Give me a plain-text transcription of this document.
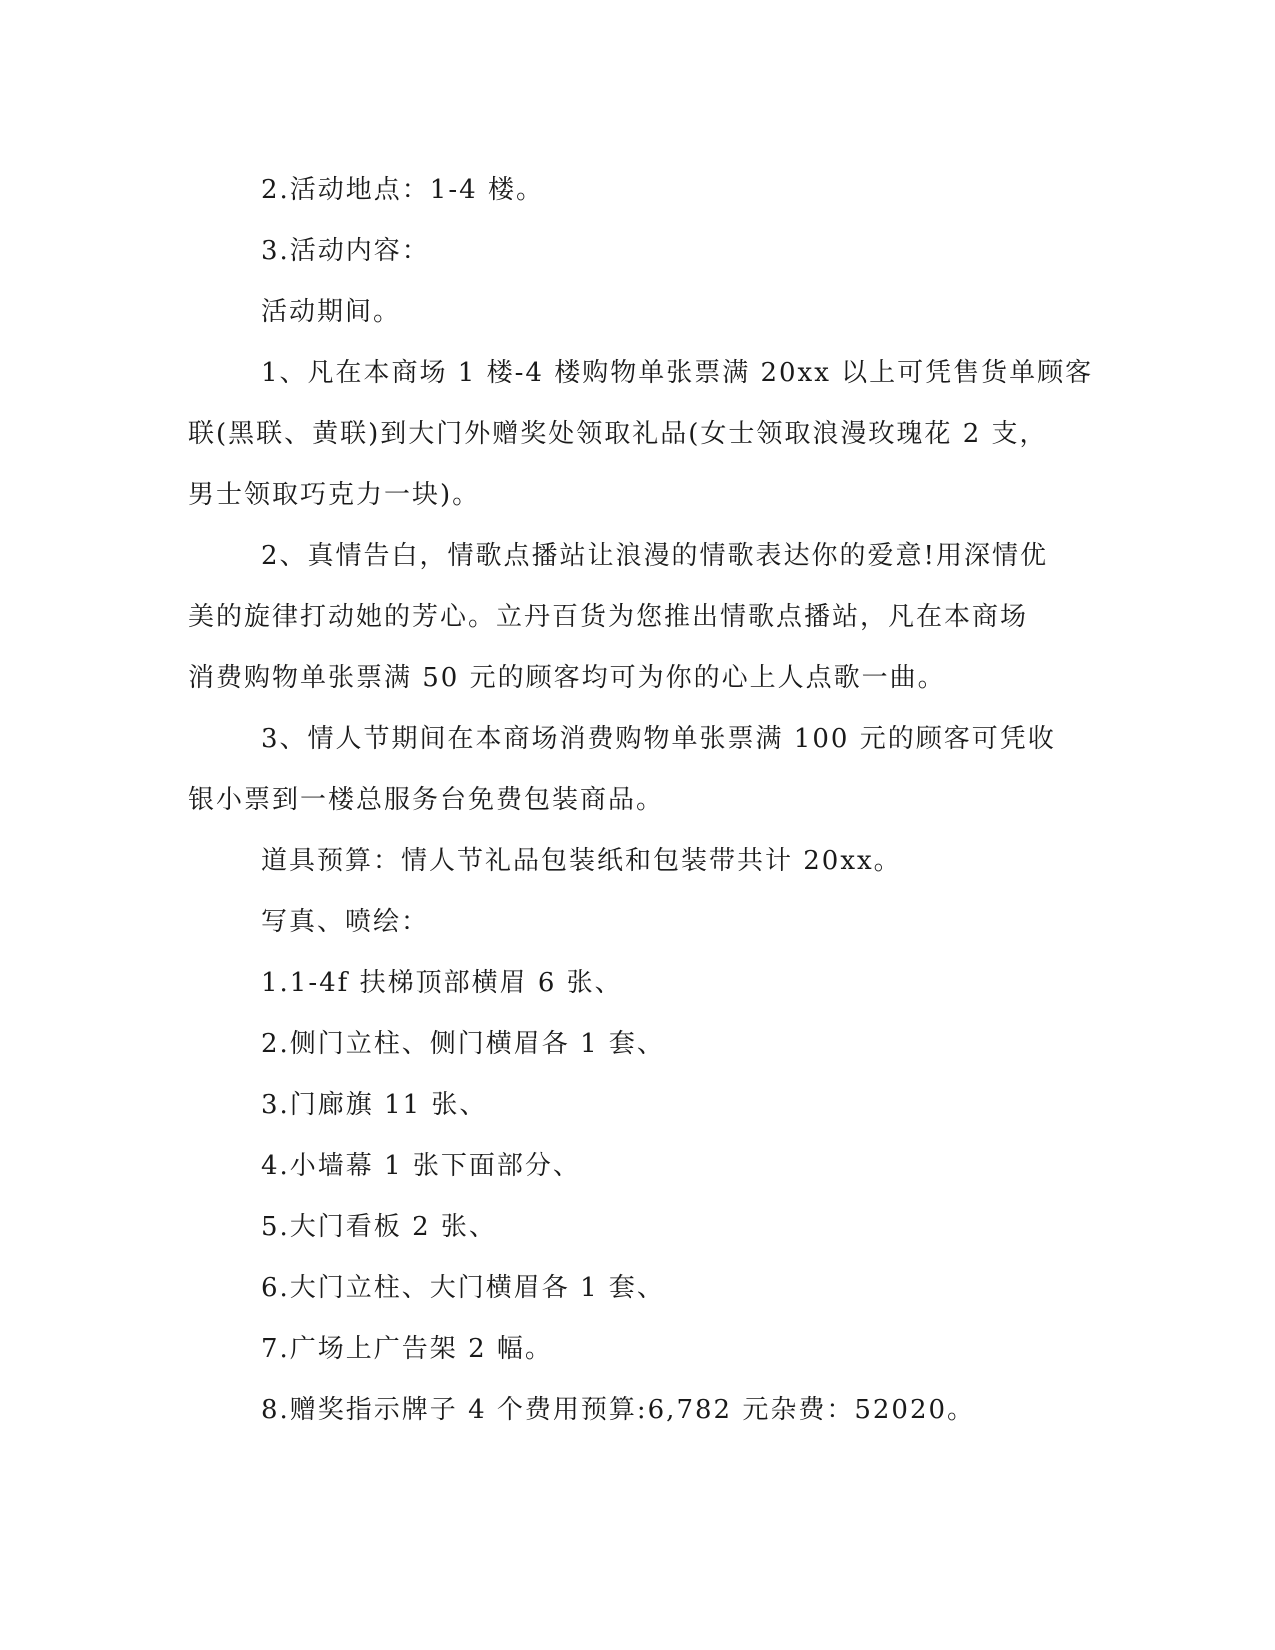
2.活动地点：1-4 楼。
3.活动内容：
活动期间。
1、凡在本商场 1 楼-4 楼购物单张票满 20xx 以上可凭售货单顾客
联(黑联、黄联)到大门外赠奖处领取礼品(女士领取浪漫玫瑰花 2 支，
男士领取巧克力一块)。
2、真情告白，情歌点播站让浪漫的情歌表达你的爱意!用深情优
美的旋律打动她的芳心。立丹百货为您推出情歌点播站，凡在本商场
消费购物单张票满 50 元的顾客均可为你的心上人点歌一曲。
3、情人节期间在本商场消费购物单张票满 100 元的顾客可凭收
银小票到一楼总服务台免费包装商品。
道具预算：情人节礼品包装纸和包装带共计 20xx。
写真、喷绘：
1.1-4f 扶梯顶部横眉 6 张、
2.侧门立柱、侧门横眉各 1 套、
3.门廊旗 11 张、
4.小墙幕 1 张下面部分、
5.大门看板 2 张、
6.大门立柱、大门横眉各 1 套、
7.广场上广告架 2 幅。
8.赠奖指示牌子 4 个费用预算:6,782 元杂费：52020。
